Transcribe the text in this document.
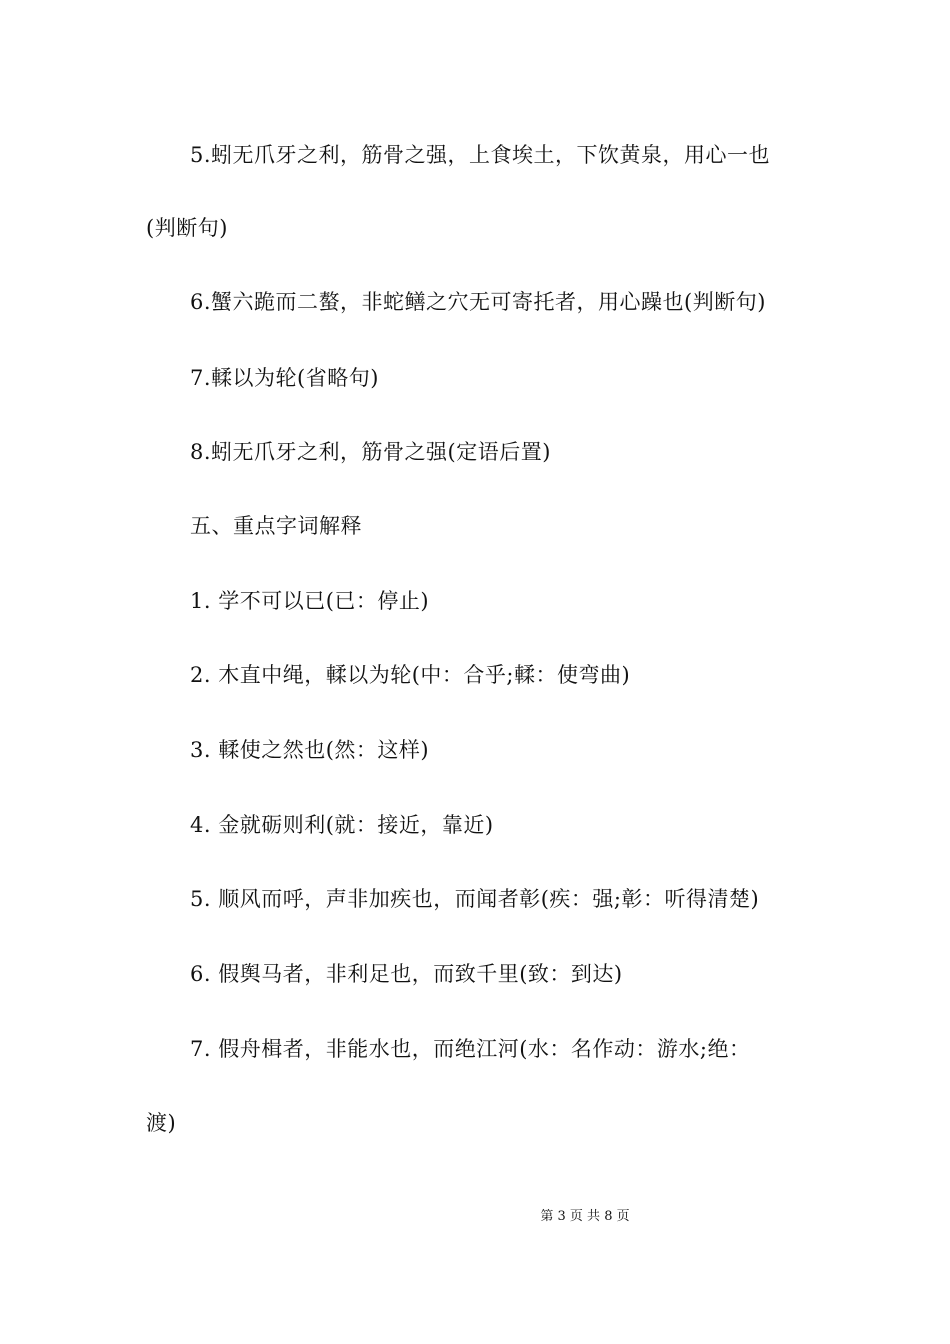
5.蚓无爪牙之利，筋骨之强，上食埃土，下饮黄泉，用心一也
(判断句)
6.蟹六跪而二螯，非蛇鳝之穴无可寄托者，用心躁也(判断句)
7.輮以为轮(省略句)
8.蚓无爪牙之利，筋骨之强(定语后置)
五、重点字词解释
1. 学不可以已(已：停止)
2. 木直中绳，輮以为轮(中：合乎;輮：使弯曲)
3. 輮使之然也(然：这样)
4. 金就砺则利(就：接近，靠近)
5. 顺风而呼，声非加疾也，而闻者彰(疾：强;彰：听得清楚)
6. 假舆马者，非利足也，而致千里(致：到达)
7. 假舟楫者，非能水也，而绝江河(水：名作动：游水;绝：
渡)
第 3 页 共 8 页
